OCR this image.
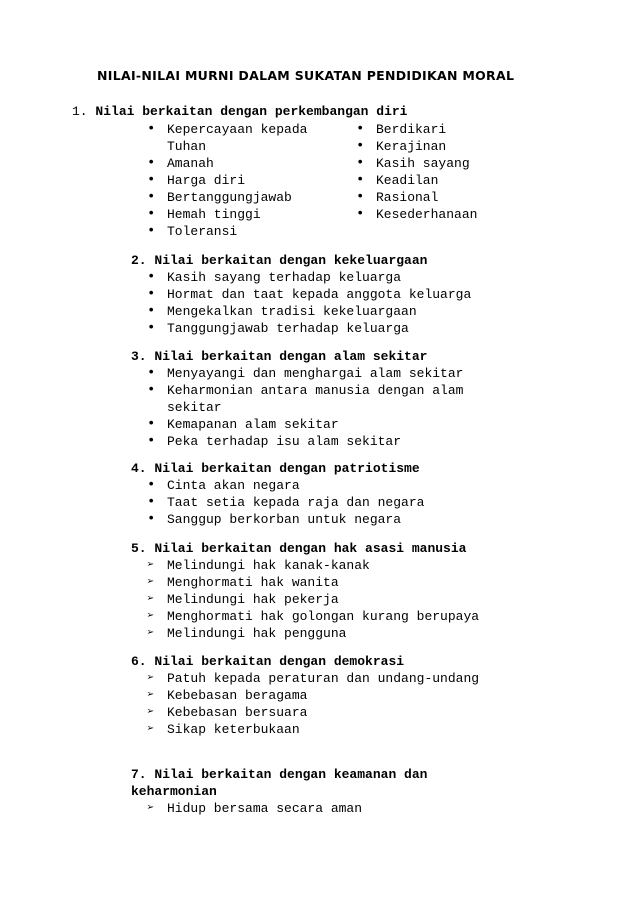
NILAI-NILAI MURNI DALAM SUKATAN PENDIDIKAN MORAL
1. Nilai berkaitan dengan perkembangan diri
• Kepercayaan kepada Tuhan
• Amanah
• Harga diri
• Bertanggungjawab
• Hemah tinggi
• Toleransi
• Berdikari
• Kerajinan
• Kasih sayang
• Keadilan
• Rasional
• Kesederhanaan
2. Nilai berkaitan dengan kekeluargaan
• Kasih sayang terhadap keluarga
• Hormat dan taat kepada anggota keluarga
• Mengekalkan tradisi kekeluargaan
• Tanggungjawab terhadap keluarga
3. Nilai berkaitan dengan alam sekitar
• Menyayangi dan menghargai alam sekitar
• Keharmonian antara manusia dengan alam sekitar
• Kemapanan alam sekitar
• Peka terhadap isu alam sekitar
4. Nilai berkaitan dengan patriotisme
• Cinta akan negara
• Taat setia kepada raja dan negara
• Sanggup berkorban untuk negara
5. Nilai berkaitan dengan hak asasi manusia
➢ Melindungi hak kanak-kanak
➢ Menghormati hak wanita
➢ Melindungi hak pekerja
➢ Menghormati hak golongan kurang berupaya
➢ Melindungi hak pengguna
6. Nilai berkaitan dengan demokrasi
➢ Patuh kepada peraturan dan undang-undang
➢ Kebebasan beragama
➢ Kebebasan bersuara
➢ Sikap keterbukaan
7. Nilai berkaitan dengan keamanan dan keharmonian
➢ Hidup bersama secara aman
